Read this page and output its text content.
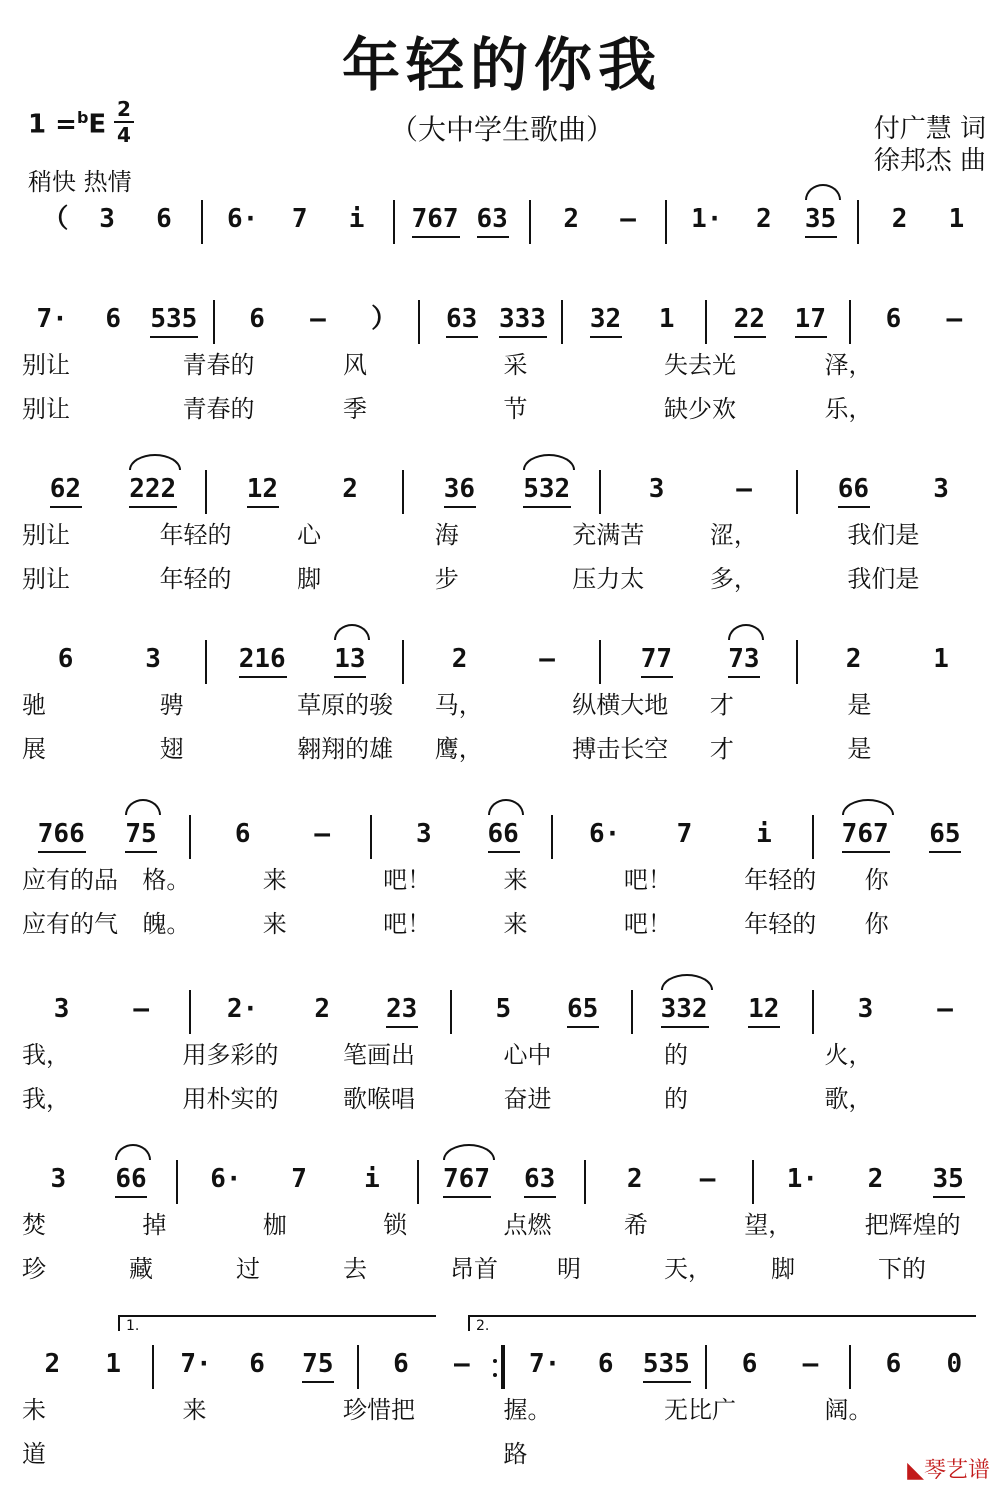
年轻的你我
1 =$^b$E
2
4	（大中学生歌曲）	付广慧 词
徐邦杰 曲
稍快 热情
（ 3 6 6· 7 i 767 63 2 – 1· 2 35 2 1
7· 6 535 6 – ） 63 333 32 1 22 17 6 –
别让	青春的	风	采	失去光	泽，
别让	青春的	季	节	缺少欢	乐，
62 222	12 2	36 532	3	–	66 3
别让	年轻的	心	海	充满苦	涩，	我们是
别让	年轻的	脚	步	压力太	多，	我们是
6	3	216 13	2	–	77 73	2	1
驰	骋	草原的骏 马，	纵横大地 才	是
展	翅	翱翔的雄 鹰，	搏击长空 才	是
766 75	6 –	3 66	6· 7 i	767 65
应有的品 格。	来	吧！	来	吧！	年轻的 你
应有的气 魄。	来	吧！	来	吧！	年轻的 你
3 –	2· 2 23	5 65 332 12	3 –
我，	用多彩的	笔画出	心中	的	火，
我，	用朴实的	歌喉唱	奋进	的	歌，
3 66 6· 7 i 767 63	2 –	1· 2 35
焚	掉	枷	锁	点燃	希	望，	把辉煌的
珍	藏	过	去	昂首 明	天， 脚	下的
2 1 7· 6 75 6 – 7· 6 535 6 –	6 0
1.	2.
未	来	珍惜把	握。	无比广	阔。
道	路
◣琴艺谱
